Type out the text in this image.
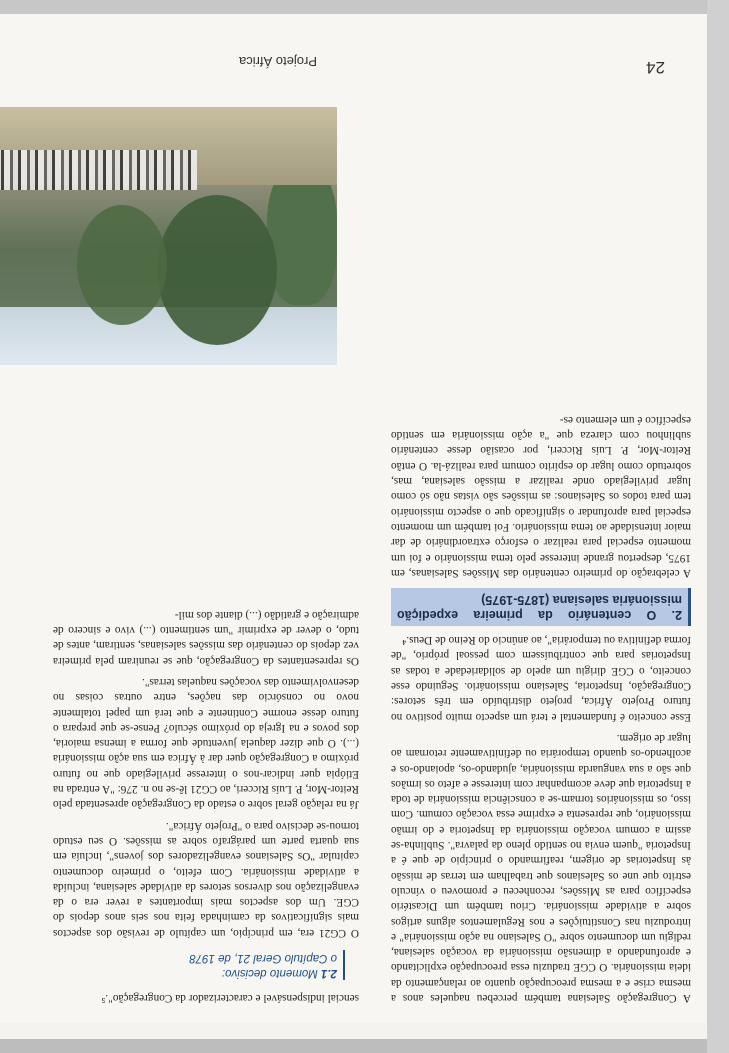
A Congregação Salesiana também percebeu naqueles anos a mesma crise e a mesma preocupação quanto ao relançamento da ideia missionária. O CGE traduziu essa preocupação explicitando e aprofundando a dimensão missionária da vocação salesiana, redigiu um documento sobre "O Salesiano na ação missionária" e introduziu nas Constituições e nos Regulamentos alguns artigos sobre a atividade missionária. Criou também um Dicastério específico para as Missões, reconheceu e promoveu o vínculo estrito que une os Salesianos que trabalham em terras de missão às Inspetorias de origem, reafirmando o princípio de que é a Inspetoria "quem envia no sentido pleno da palavra". Sublinha-se assim a comum vocação missionária da Inspetoria e do irmão missionário, que representa e exprime essa vocação comum. Com isso, os missionários tornam-se a consciência missionária de toda a Inspetoria que deve acompanhar com interesse e afeto os irmãos que são a sua vanguarda missionária, ajudando-os, apoiando-os e acolhendo-os quando temporária ou definitivamente retornam ao lugar de origem.

Esse conceito é fundamental e terá um aspecto muito positivo no futuro Projeto África, projeto distribuído em três setores: Congregação, Inspetoria, Salesiano missionário. Seguindo esse conceito, o CGE dirigiu um apelo de solidariedade a todas as Inspetorias para que contribuíssem com pessoal próprio, "de forma definitiva ou temporária", ao anúncio do Reino de Deus.⁴

2. O centenário da primeira expedição missionária salesiana (1875-1975)

A celebração do primeiro centenário das Missões Salesianas, em 1975, despertou grande interesse pelo tema missionário e foi um momento especial para realizar o esforço extraordinário de dar maior intensidade ao tema missionário. Foi também um momento especial para aprofundar o significado que o aspecto missionário tem para todos os Salesianos: as missões são vistas não só como lugar privilegiado onde realizar a missão salesiana, mas, sobretudo como lugar do espírito comum para realizá-la. O então Reitor-Mor, P. Luís Ricceri, por ocasião desse centenário sublinhou com clareza que "a ação missionária em sentido específico é um elemento es-

sencial indispensável e caracterizador da Congregação".⁵

2.1 Momento decisivo:
o Capítulo Geral 21, de 1978

O CG21 era, em princípio, um capítulo de revisão dos aspectos mais significativos da caminhada feita nos seis anos depois do CGE. Um dos aspectos mais importantes a rever era o da evangelização nos diversos setores da atividade salesiana, incluída a atividade missionária. Com efeito, o primeiro documento capitular "Os Salesianos evangelizadores dos jovens", incluía em sua quarta parte um parágrafo sobre as missões. O seu estudo tornou-se decisivo para o "Projeto África".

Já na relação geral sobre o estado da Congregação apresentada pelo Reitor-Mor, P. Luís Ricceri, ao CG21 lê-se no n. 276: "A entrada na Etiópia quer indicar-nos o interesse privilegiado que no futuro próximo a Congregação quer dar à África em sua ação missionária (...). O que dizer daquela juventude que forma a imensa maioria, dos povos e na Igreja do próximo século? Pense-se que prepara o futuro desse enorme Continente e que terá um papel totalmente novo no consórcio das nações, entre outras coisas no desenvolvimento das vocações naquelas terras".

Os representantes da Congregação, que se reuniram pela primeira vez depois do centenário das missões salesianas, sentiram, antes de tudo, o dever de exprimir "um sentimento (...) vivo e sincero de admiração e gratidão (...) diante dos mil-

Projeto África	24
